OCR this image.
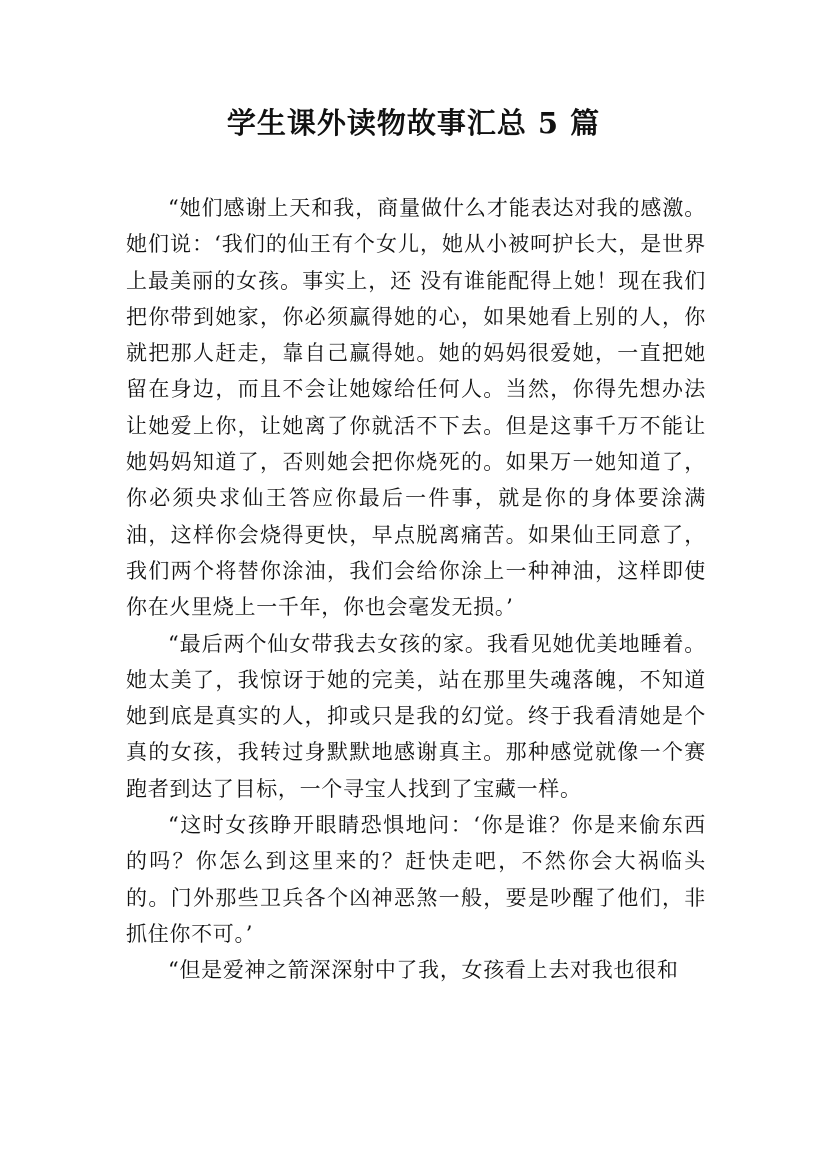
学生课外读物故事汇总 5 篇

“她们感谢上天和我，商量做什么才能表达对我的感激。她们说：‘我们的仙王有个女儿，她从小被呵护长大，是世界上最美丽的女孩。事实上，还 没有谁能配得上她！现在我们把你带到她家，你必须赢得她的心，如果她看上别的人，你就把那人赶走，靠自己赢得她。她的妈妈很爱她，一直把她留在身边，而且不会让她嫁给任何人。当然，你得先想办法让她爱上你，让她离了你就活不下去。但是这事千万不能让她妈妈知道了，否则她会把你烧死的。如果万一她知道了，你必须央求仙王答应你最后一件事，就是你的身体要涂满油，这样你会烧得更快，早点脱离痛苦。如果仙王同意了，我们两个将替你涂油，我们会给你涂上一种神油，这样即使你在火里烧上一千年，你也会毫发无损。’

“最后两个仙女带我去女孩的家。我看见她优美地睡着。她太美了，我惊讶于她的完美，站在那里失魂落魄，不知道她到底是真实的人，抑或只是我的幻觉。终于我看清她是个真的女孩，我转过身默默地感谢真主。那种感觉就像一个赛跑者到达了目标，一个寻宝人找到了宝藏一样。

“这时女孩睁开眼睛恐惧地问：‘你是谁？你是来偷东西的吗？你怎么到这里来的？赶快走吧，不然你会大祸临头的。门外那些卫兵各个凶神恶煞一般，要是吵醒了他们，非抓住你不可。’

“但是爱神之箭深深射中了我，女孩看上去对我也很和
